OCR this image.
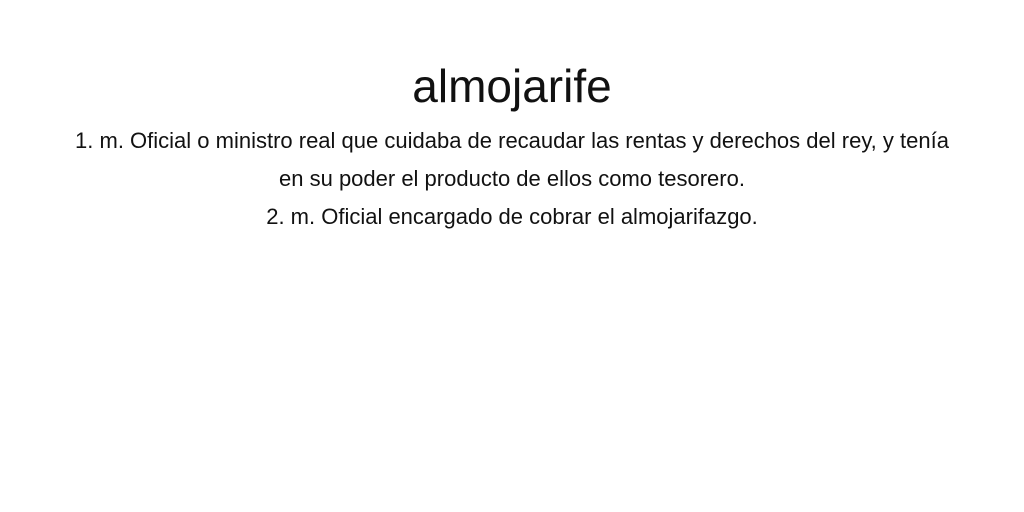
almojarife
1. m. Oficial o ministro real que cuidaba de recaudar las rentas y derechos del rey, y tenía en su poder el producto de ellos como tesorero.
2. m. Oficial encargado de cobrar el almojarifazgo.
